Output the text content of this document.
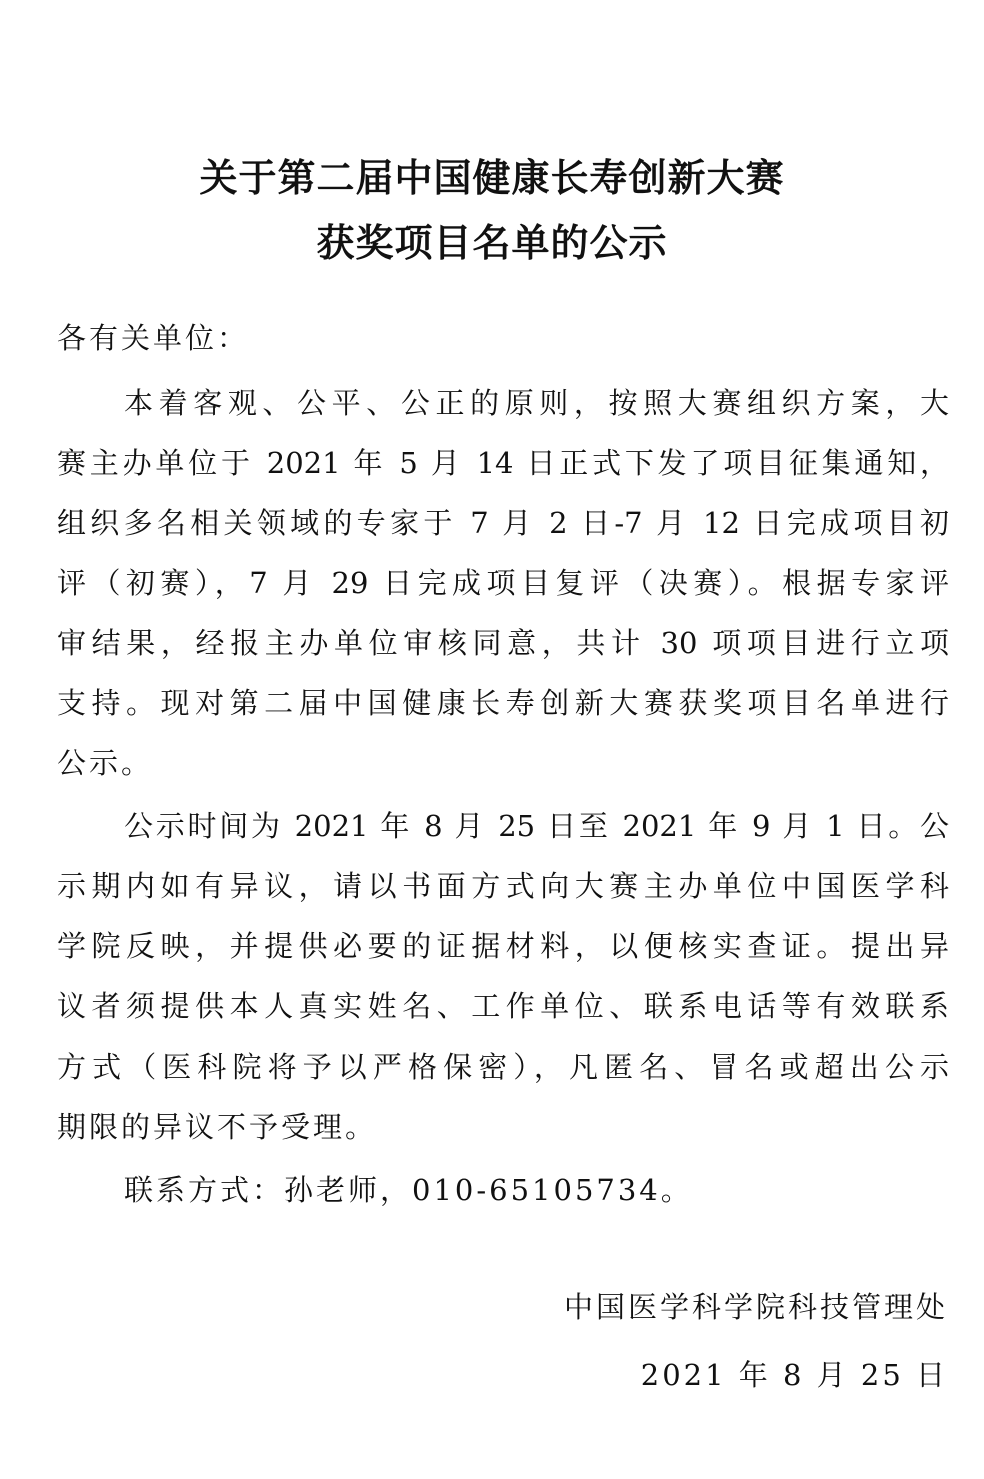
关于第二届中国健康长寿创新大赛
获奖项目名单的公示
各有关单位：
本着客观、公平、公正的原则，按照大赛组织方案，大
赛主办单位于 2021 年 5 月 14 日正式下发了项目征集通知，
组织多名相关领域的专家于 7 月 2 日-7 月 12 日完成项目初
评（初赛），7 月 29 日完成项目复评（决赛）。根据专家评
审结果，经报主办单位审核同意，共计 30 项项目进行立项
支持。现对第二届中国健康长寿创新大赛获奖项目名单进行
公示。
公示时间为 2021 年 8 月 25 日至 2021 年 9 月 1 日。公
示期内如有异议，请以书面方式向大赛主办单位中国医学科
学院反映，并提供必要的证据材料，以便核实查证。提出异
议者须提供本人真实姓名、工作单位、联系电话等有效联系
方式（医科院将予以严格保密），凡匿名、冒名或超出公示
期限的异议不予受理。
联系方式：孙老师，010-65105734。
中国医学科学院科技管理处
2021 年 8 月 25 日
